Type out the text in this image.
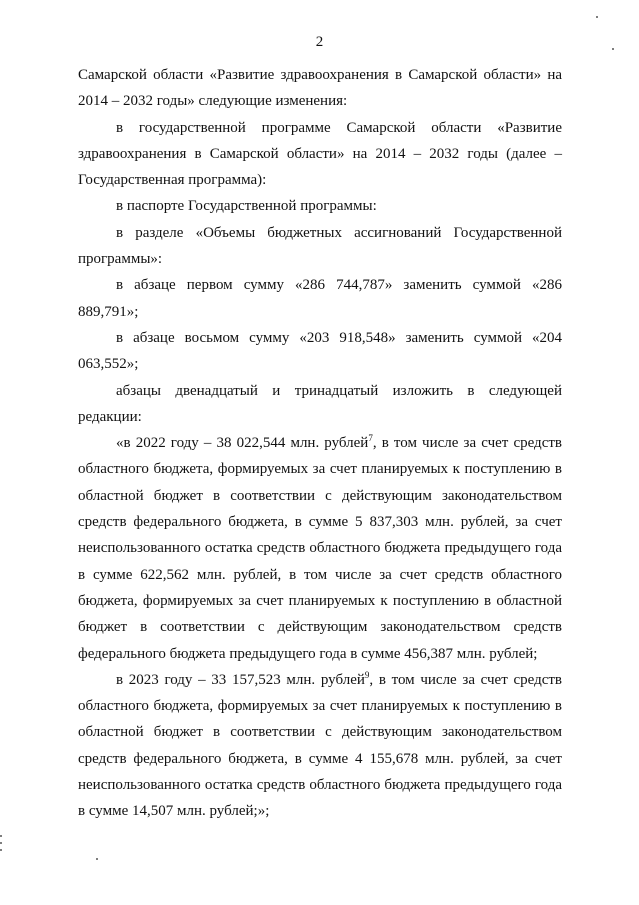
2

Самарской области «Развитие здравоохранения в Самарской области» на 2014 – 2032 годы» следующие изменения:

в государственной программе Самарской области «Развитие здравоохранения в Самарской области» на 2014 – 2032 годы (далее – Государственная программа):

в паспорте Государственной программы:

в разделе «Объемы бюджетных ассигнований Государственной программы»:

в абзаце первом сумму «286 744,787» заменить суммой «286 889,791»;

в абзаце восьмом сумму «203 918,548» заменить суммой «204 063,552»;

абзацы двенадцатый и тринадцатый изложить в следующей редакции:

«в 2022 году – 38 022,544 млн. рублей$^7$, в том числе за счет средств областного бюджета, формируемых за счет планируемых к поступлению в областной бюджет в соответствии с действующим законодательством средств федерального бюджета, в сумме 5 837,303 млн. рублей, за счет неиспользованного остатка средств областного бюджета предыдущего года в сумме 622,562 млн. рублей, в том числе за счет средств областного бюджета, формируемых за счет планируемых к поступлению в областной бюджет в соответствии с действующим законодательством средств федерального бюджета предыдущего года в сумме 456,387 млн. рублей;

в 2023 году – 33 157,523 млн. рублей$^9$, в том числе за счет средств областного бюджета, формируемых за счет планируемых к поступлению в областной бюджет в соответствии с действующим законодательством средств федерального бюджета, в сумме 4 155,678 млн. рублей, за счет неиспользованного остатка средств областного бюджета предыдущего года в сумме 14,507 млн. рублей;»;
